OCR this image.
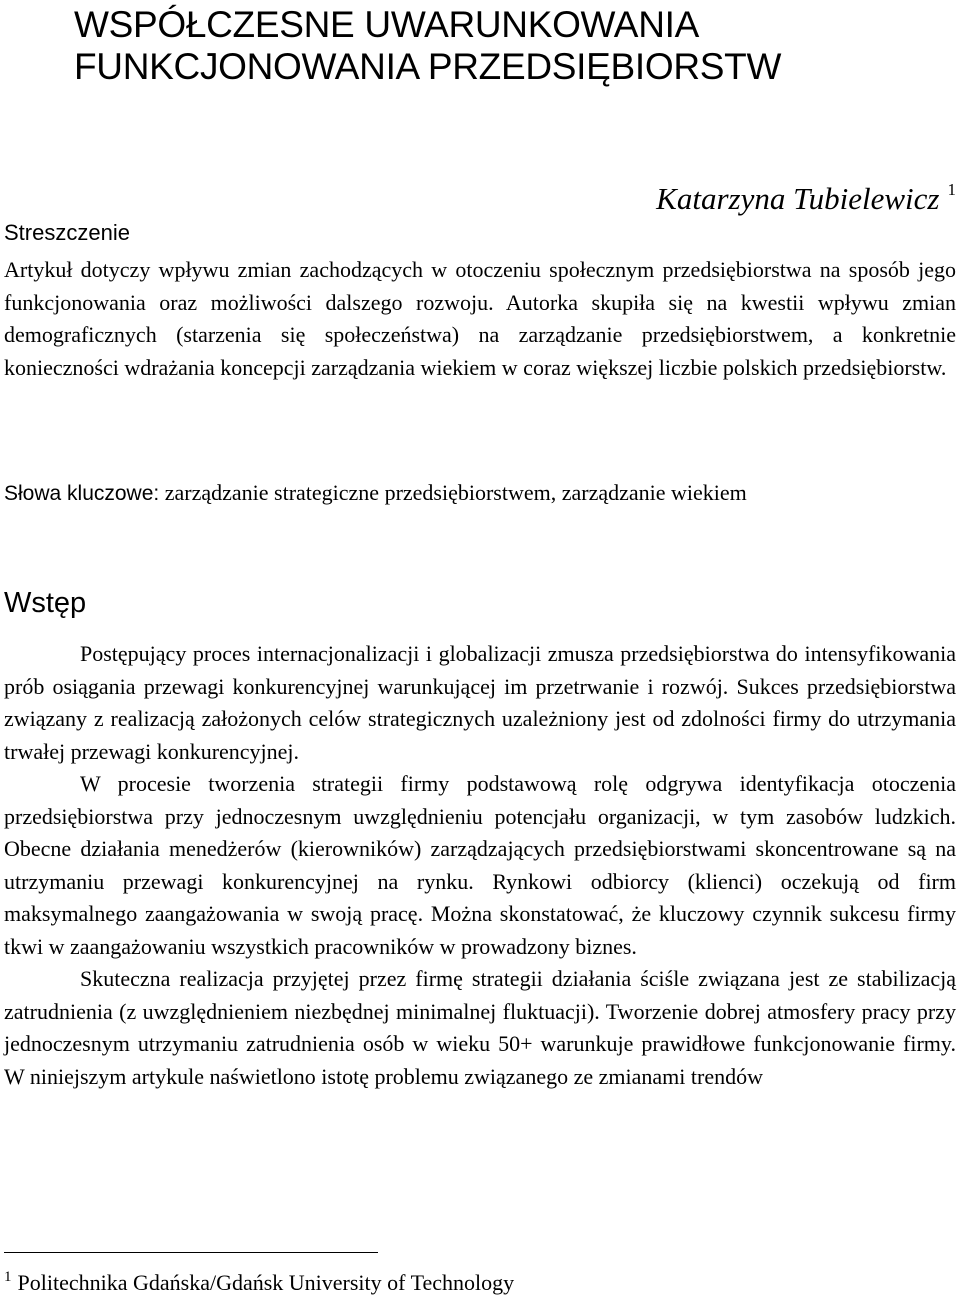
WSPÓŁCZESNE UWARUNKOWANIA
FUNKCJONOWANIA PRZEDSIĘBIORSTW
Katarzyna Tubielewicz $^1$
Streszczenie

Artykuł dotyczy wpływu zmian zachodzących w otoczeniu społecznym przedsiębiorstwa na sposób jego funkcjonowania oraz możliwości dalszego rozwoju. Autorka skupiła się na kwestii wpływu zmian demograficznych (starzenia się społeczeństwa) na zarządzanie przedsiębiorstwem, a konkretnie konieczności wdrażania koncepcji zarządzania wiekiem w coraz większej liczbie polskich przedsiębiorstw.

Słowa kluczowe: zarządzanie strategiczne przedsiębiorstwem, zarządzanie wiekiem

Wstęp

Postępujący proces internacjonalizacji i globalizacji zmusza przedsiębiorstwa do intensyfikowania prób osiągania przewagi konkurencyjnej warunkującej im przetrwanie i rozwój. Sukces przedsiębiorstwa związany z realizacją założonych celów strategicznych uzależniony jest od zdolności firmy do utrzymania trwałej przewagi konkurencyjnej.

W procesie tworzenia strategii firmy podstawową rolę odgrywa identyfikacja otoczenia przedsiębiorstwa przy jednoczesnym uwzględnieniu potencjału organizacji, w tym zasobów ludzkich. Obecne działania menedżerów (kierowników) zarządzających przedsiębiorstwami skoncentrowane są na utrzymaniu przewagi konkurencyjnej na rynku. Rynkowi odbiorcy (klienci) oczekują od firm maksymalnego zaangażowania w swoją pracę. Można skonstatować, że kluczowy czynnik sukcesu firmy tkwi w zaangażowaniu wszystkich pracowników w prowadzony biznes.

Skuteczna realizacja przyjętej przez firmę strategii działania ściśle związana jest ze stabilizacją zatrudnienia (z uwzględnieniem niezbędnej minimalnej fluktuacji). Tworzenie dobrej atmosfery pracy przy jednoczesnym utrzymaniu zatrudnienia osób w wieku 50+ warunkuje prawidłowe funkcjonowanie firmy. W niniejszym artykule naświetlono istotę problemu związanego ze zmianami trendów

$^1$ Politechnika Gdańska/Gdańsk University of Technology
